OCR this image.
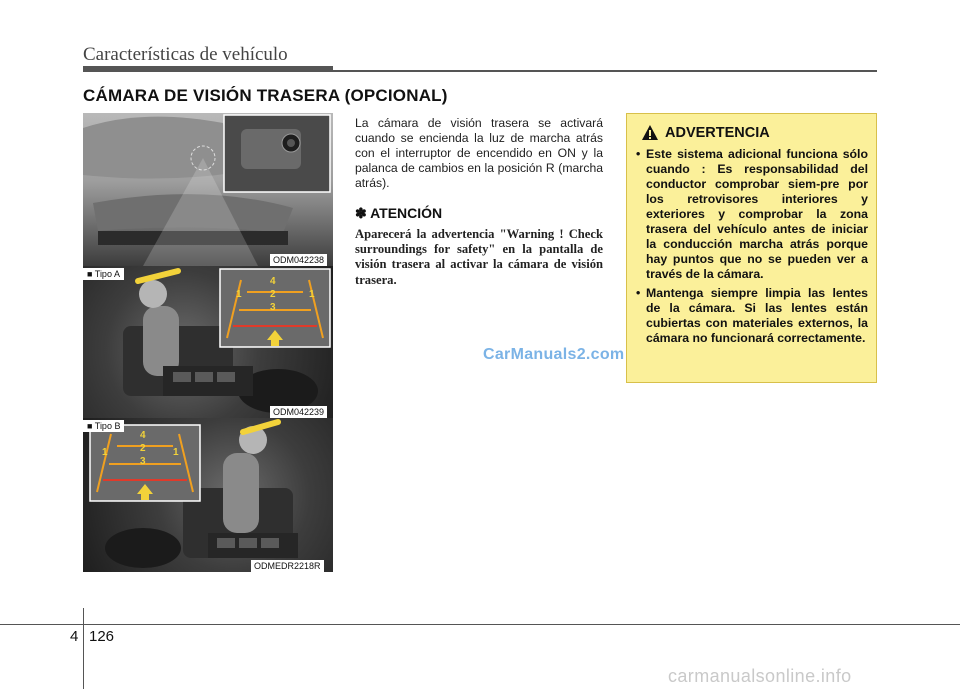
Características de vehículo
CÁMARA DE VISIÓN TRASERA (OPCIONAL)
ODM042238
4
2
1
3
1
■ Tipo A
ODM042239
4
2
1
3
1
■ Tipo B
ODMEDR2218R
La cámara de visión trasera se activará cuando se encienda la luz de marcha atrás con el interruptor de encendido en ON y la palanca de cambios en la posición R (marcha atrás).
✽ ATENCIÓN
Aparecerá la advertencia "Warning ! Check surroundings for safety" en la pantalla de visión trasera al activar la cámara de visión trasera.
CarManuals2.com
ADVERTENCIA
• Este sistema adicional funciona sólo cuando : Es responsabilidad del conductor comprobar siem-pre por los retrovisores interiores y exteriores y comprobar la zona trasera del vehículo antes de iniciar la conducción marcha atrás porque hay puntos que no se pueden ver a través de la cámara.
• Mantenga siempre limpia las lentes de la cámara. Si las lentes están cubiertas con materiales externos, la cámara no funcionará correctamente.
4 126
carmanualsonline.info
